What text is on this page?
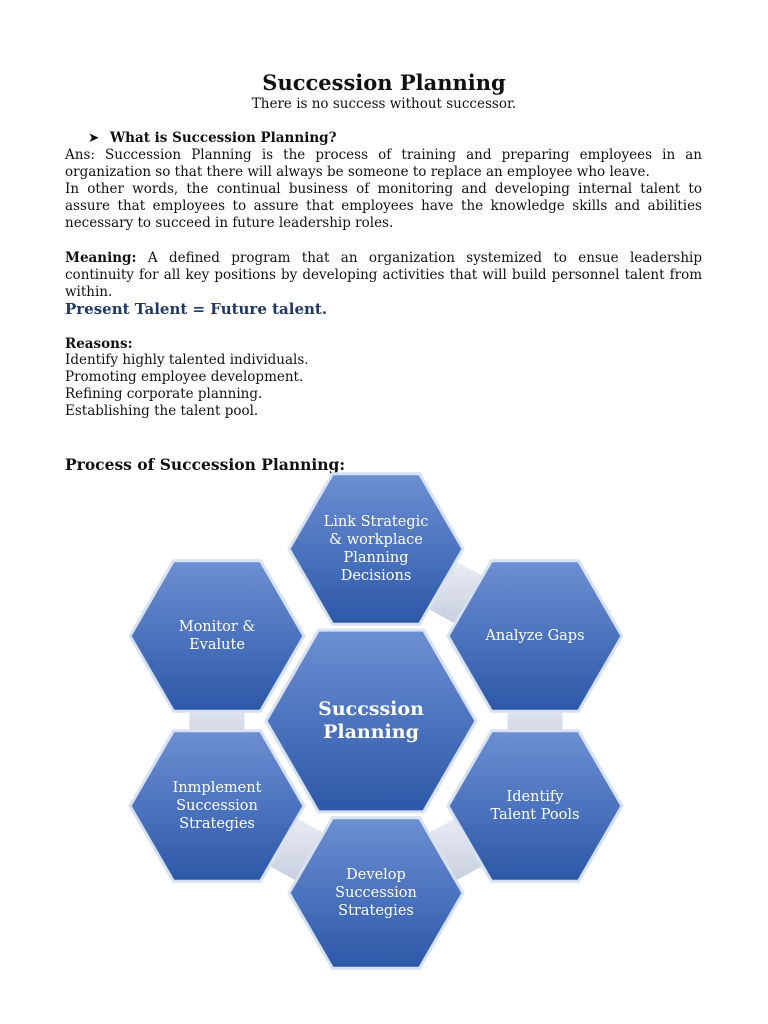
Succession Planning
There is no success without successor.
➤ What is Succession Planning?

Ans: Succession Planning is the process of training and preparing employees in an organization so that there will always be someone to replace an employee who leave.

In other words, the continual business of monitoring and developing internal talent to assure that employees to assure that employees have the knowledge skills and abilities necessary to succeed in future leadership roles.

Meaning: A defined program that an organization systemized to ensue leadership continuity for all key positions by developing activities that will build personnel talent from within.

Present Talent = Future talent.
Reasons:
Identify highly talented individuals.
Promoting employee development.
Refining corporate planning.
Establishing the talent pool.
Process of Succession Planning:
Succssion
Planning
Link Strategic
& workplace
Planning
Decisions
Analyze Gaps
Identify
Talent Pools
Develop
Succession
Strategies
Inmplement
Succession
Strategies
Monitor &
Evalute
